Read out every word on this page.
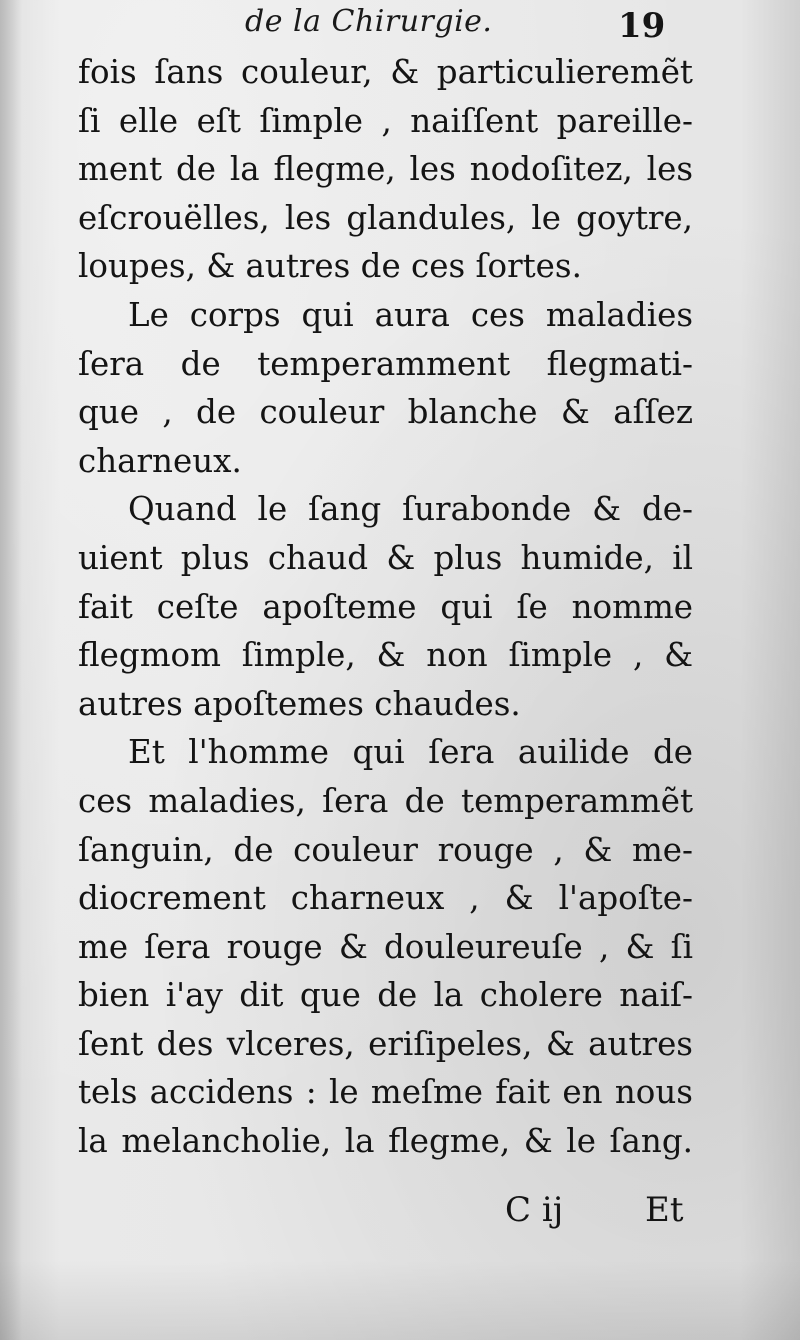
de la Chirurgie.	19
fois ſans couleur, & particulieremẽt
ſi elle eſt ſimple , naiſſent pareille-
ment de la flegme, les nodoſitez, les
eſcrouëlles, les glandules, le goytre,
loupes, & autres de ces ſortes.
Le corps qui aura ces maladies
ſera de temperamment flegmati-
que , de couleur blanche & aſſez
charneux.
Quand le ſang ſurabonde & de-
uient plus chaud & plus humide, il
fait ceſte apoſteme qui ſe nomme
flegmom ſimple, & non ſimple , &
autres apoſtemes chaudes.
Et l'homme qui ſera auilide de
ces maladies, ſera de temperammẽt
ſanguin, de couleur rouge , & me-
diocrement charneux , & l'apoſte-
me ſera rouge & douleureuſe , & ſi
bien i'ay dit que de la cholere naiſ-
ſent des vlceres, eriſipeles, & autres
tels accidens : le meſme fait en nous
la melancholie, la flegme, & le ſang.
C ij Et
